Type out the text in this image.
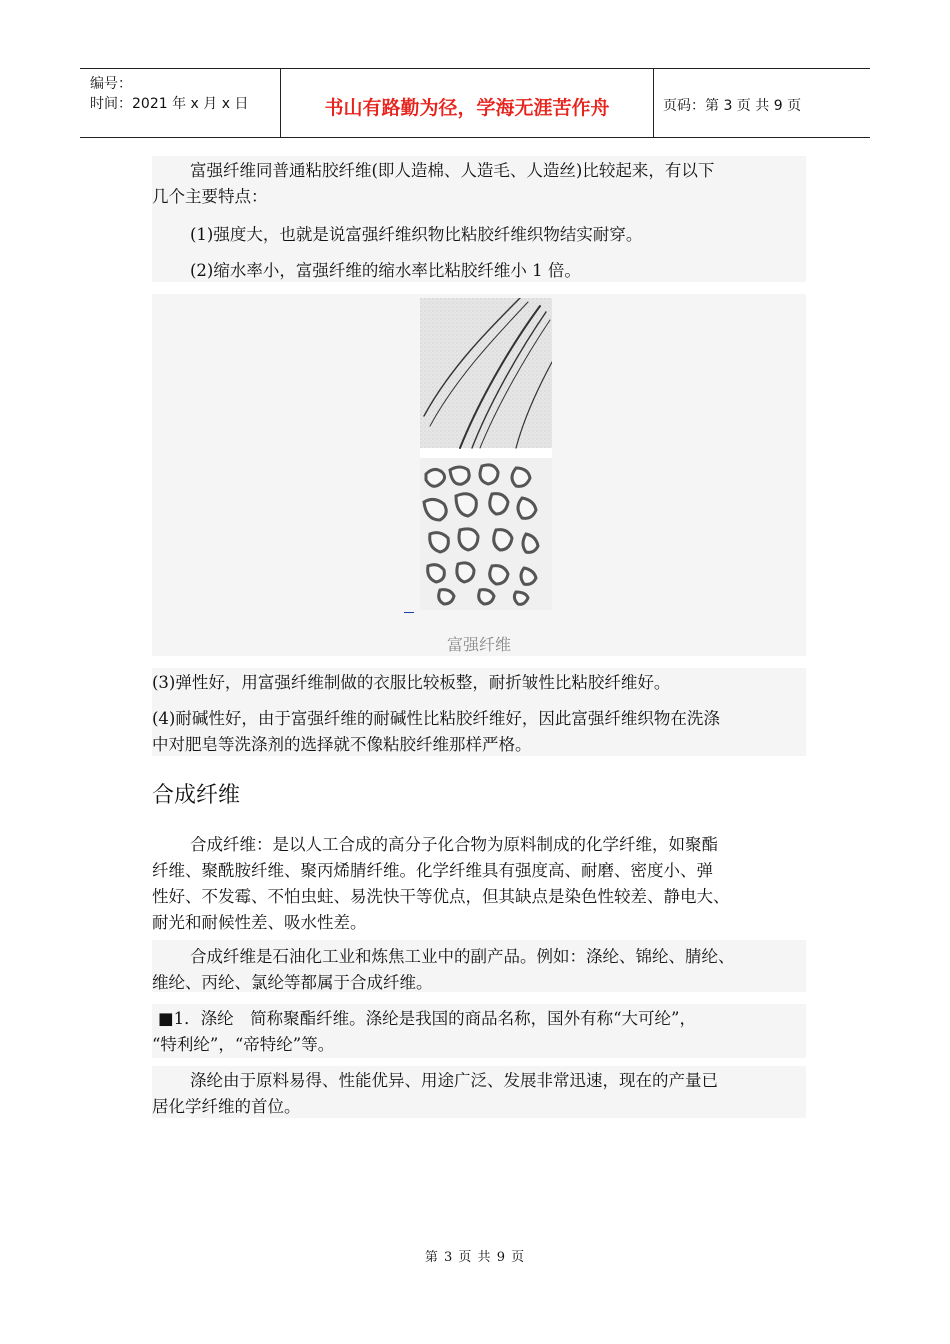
编号：
时间：2021 年 x 月 x 日	书山有路勤为径，学海无涯苦作舟	页码：第 3 页 共 9 页
富强纤维同普通粘胶纤维(即人造棉、人造毛、人造丝)比较起来，有以下
几个主要特点：
(1)强度大，也就是说富强纤维织物比粘胶纤维织物结实耐穿。
(2)缩水率小，富强纤维的缩水率比粘胶纤维小 1 倍。
富强纤维
(3)弹性好，用富强纤维制做的衣服比较板整，耐折皱性比粘胶纤维好。
(4)耐碱性好，由于富强纤维的耐碱性比粘胶纤维好，因此富强纤维织物在洗涤
中对肥皂等洗涤剂的选择就不像粘胶纤维那样严格。
合成纤维
合成纤维：是以人工合成的高分子化合物为原料制成的化学纤维，如聚酯
纤维、聚酰胺纤维、聚丙烯腈纤维。化学纤维具有强度高、耐磨、密度小、弹
性好、不发霉、不怕虫蛀、易洗快干等优点，但其缺点是染色性较差、静电大、
耐光和耐候性差、吸水性差。
合成纤维是石油化工业和炼焦工业中的副产品。例如：涤纶、锦纶、腈纶、
维纶、丙纶、氯纶等都属于合成纤维。
■1．涤纶　简称聚酯纤维。涤纶是我国的商品名称，国外有称“大可纶”，
“特利纶”，“帝特纶”等。
涤纶由于原料易得、性能优异、用途广泛、发展非常迅速，现在的产量已
居化学纤维的首位。
第 3 页 共 9 页
